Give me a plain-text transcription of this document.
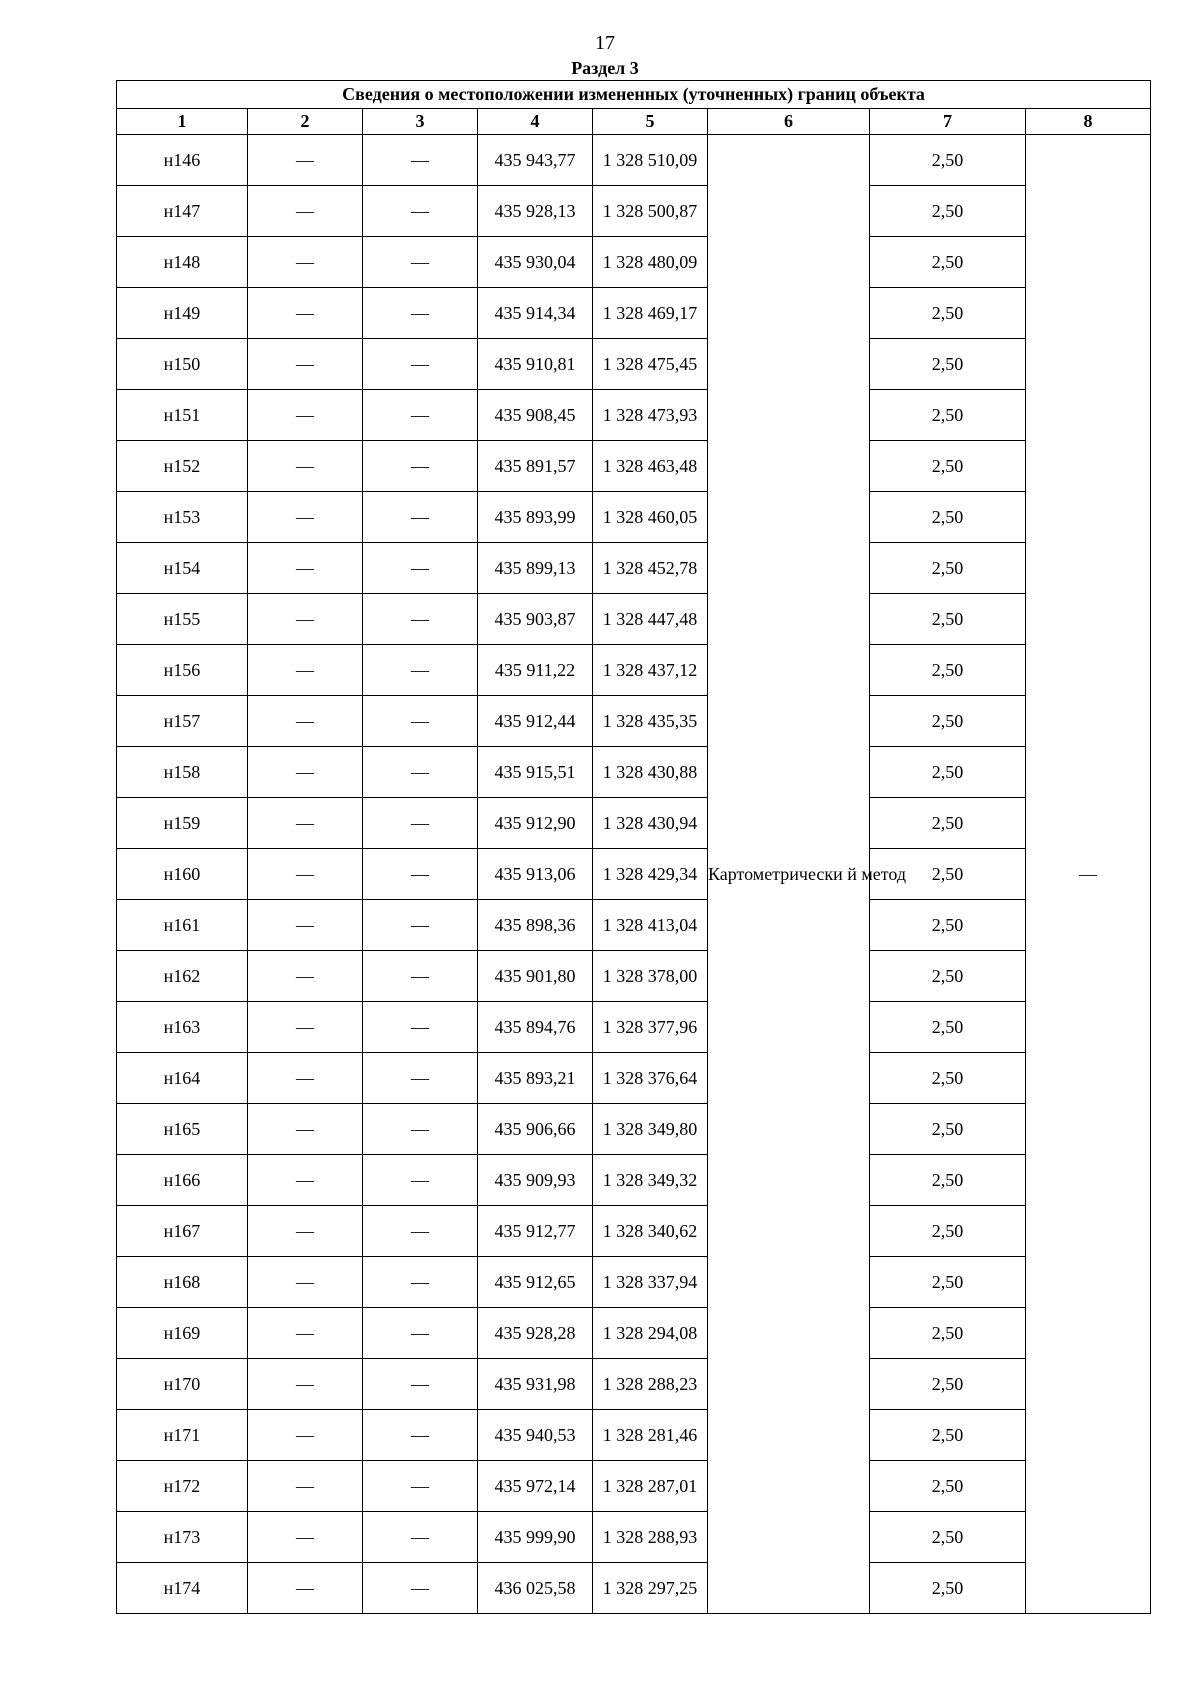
17
Раздел 3
Сведения о местоположении измененных (уточненных) границ объекта							
1	2	3	4	5	6	7	8
н146	—	—	435 943,77	1 328 510,09	Картометрически й метод	2,50	—
н147	—	—	435 928,13	1 328 500,87		2,50	
н148	—	—	435 930,04	1 328 480,09		2,50	
н149	—	—	435 914,34	1 328 469,17		2,50	
н150	—	—	435 910,81	1 328 475,45		2,50	
н151	—	—	435 908,45	1 328 473,93		2,50	
н152	—	—	435 891,57	1 328 463,48		2,50	
н153	—	—	435 893,99	1 328 460,05		2,50	
н154	—	—	435 899,13	1 328 452,78		2,50	
н155	—	—	435 903,87	1 328 447,48		2,50	
н156	—	—	435 911,22	1 328 437,12		2,50	
н157	—	—	435 912,44	1 328 435,35		2,50	
н158	—	—	435 915,51	1 328 430,88		2,50	
н159	—	—	435 912,90	1 328 430,94		2,50	
н160	—	—	435 913,06	1 328 429,34		2,50	
н161	—	—	435 898,36	1 328 413,04		2,50	
н162	—	—	435 901,80	1 328 378,00		2,50	
н163	—	—	435 894,76	1 328 377,96		2,50	
н164	—	—	435 893,21	1 328 376,64		2,50	
н165	—	—	435 906,66	1 328 349,80		2,50	
н166	—	—	435 909,93	1 328 349,32		2,50	
н167	—	—	435 912,77	1 328 340,62		2,50	
н168	—	—	435 912,65	1 328 337,94		2,50	
н169	—	—	435 928,28	1 328 294,08		2,50	
н170	—	—	435 931,98	1 328 288,23		2,50	
н171	—	—	435 940,53	1 328 281,46		2,50	
н172	—	—	435 972,14	1 328 287,01		2,50	
н173	—	—	435 999,90	1 328 288,93		2,50	
н174	—	—	436 025,58	1 328 297,25		2,50	
